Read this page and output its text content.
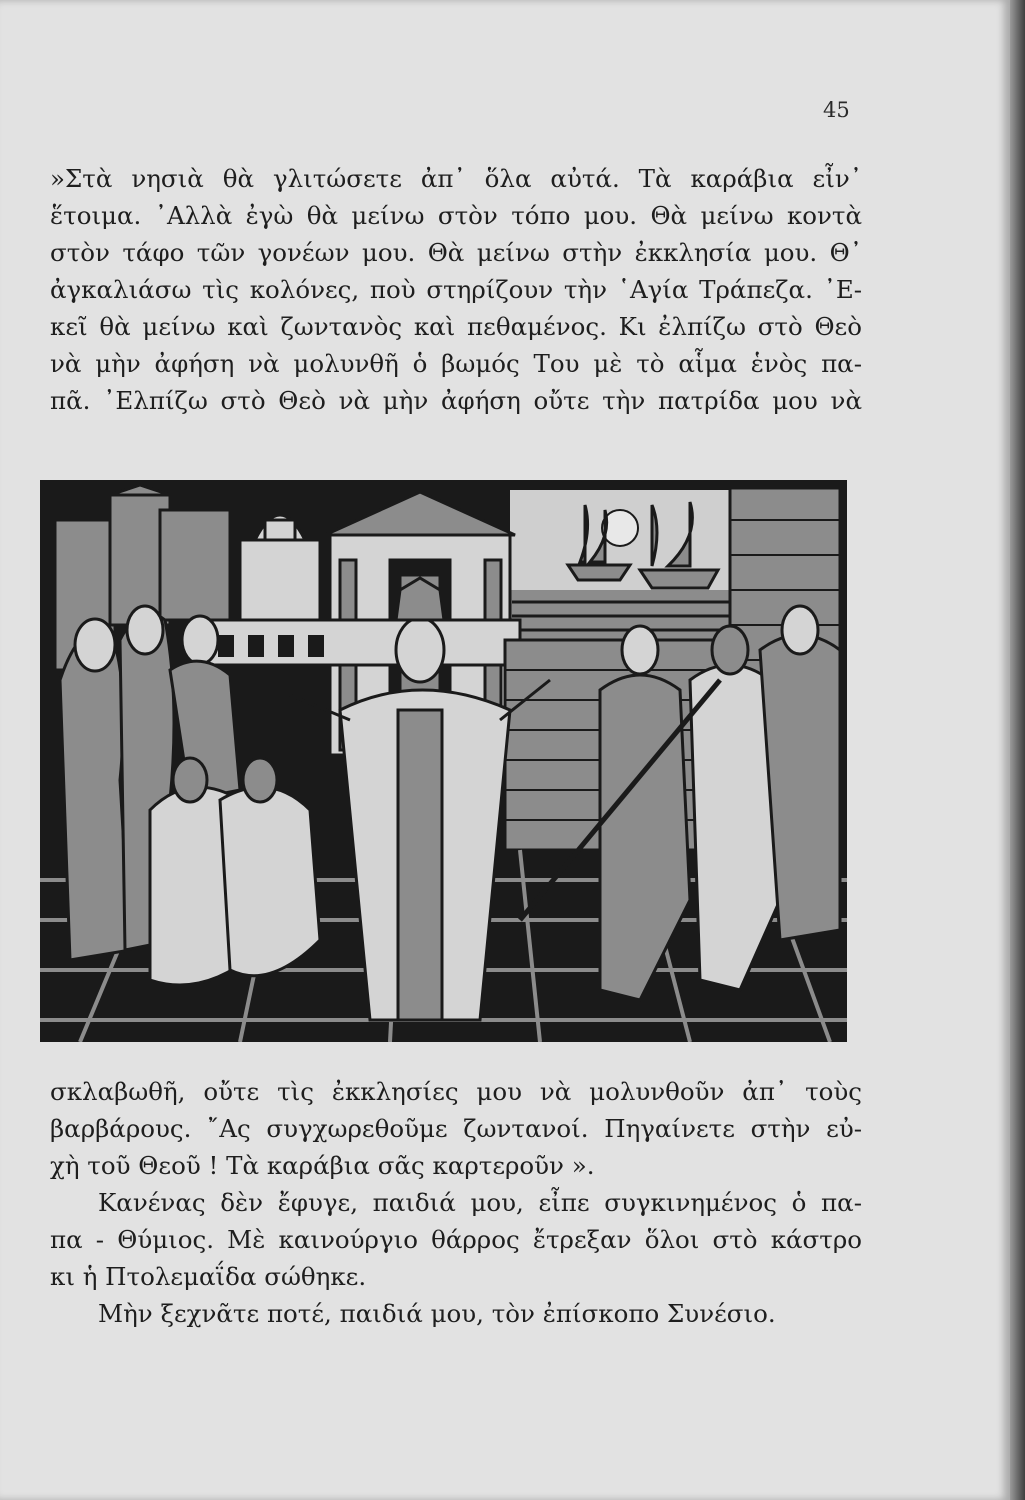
45
»Στὰ νησιὰ θὰ γλιτώσετε ἀπ᾽ ὅλα αὐτά. Τὰ καράβια εἶν᾽
ἕτοιμα. ᾽Αλλὰ ἐγὼ θὰ μείνω στὸν τόπο μου. Θὰ μείνω κοντὰ
στὸν τάφο τῶν γονέων μου. Θὰ μείνω στὴν ἐκκλησία μου. Θ᾽
ἀγκαλιάσω τὶς κολόνες, ποὺ στηρίζουν τὴν ῾Αγία Τράπεζα. ᾽Ε-
κεῖ θὰ μείνω καὶ ζωντανὸς καὶ πεθαμένος. Κι ἐλπίζω στὸ Θεὸ
νὰ μὴν ἀφήση νὰ μολυνθῆ ὁ βωμός Του μὲ τὸ αἷμα ἑνὸς πα-
πᾶ. ᾽Ελπίζω στὸ Θεὸ νὰ μὴν ἀφήση οὔτε τὴν πατρίδα μου νὰ
σκλαβωθῆ, οὔτε τὶς ἐκκλησίες μου νὰ μολυνθοῦν ἀπ᾽ τοὺς
βαρβάρους. ῎Ας συγχωρεθοῦμε ζωντανοί. Πηγαίνετε στὴν εὐ-
χὴ τοῦ Θεοῦ ! Τὰ καράβια σᾶς καρτεροῦν ».
Κανένας δὲν ἔφυγε, παιδιά μου, εἶπε συγκινημένος ὁ πα-
πα - Θύμιος. Μὲ καινούργιο θάρρος ἔτρεξαν ὅλοι στὸ κάστρο
κι ἡ Πτολεμαΐδα σώθηκε.
Μὴν ξεχνᾶτε ποτέ, παιδιά μου, τὸν ἐπίσκοπο Συνέσιο.
